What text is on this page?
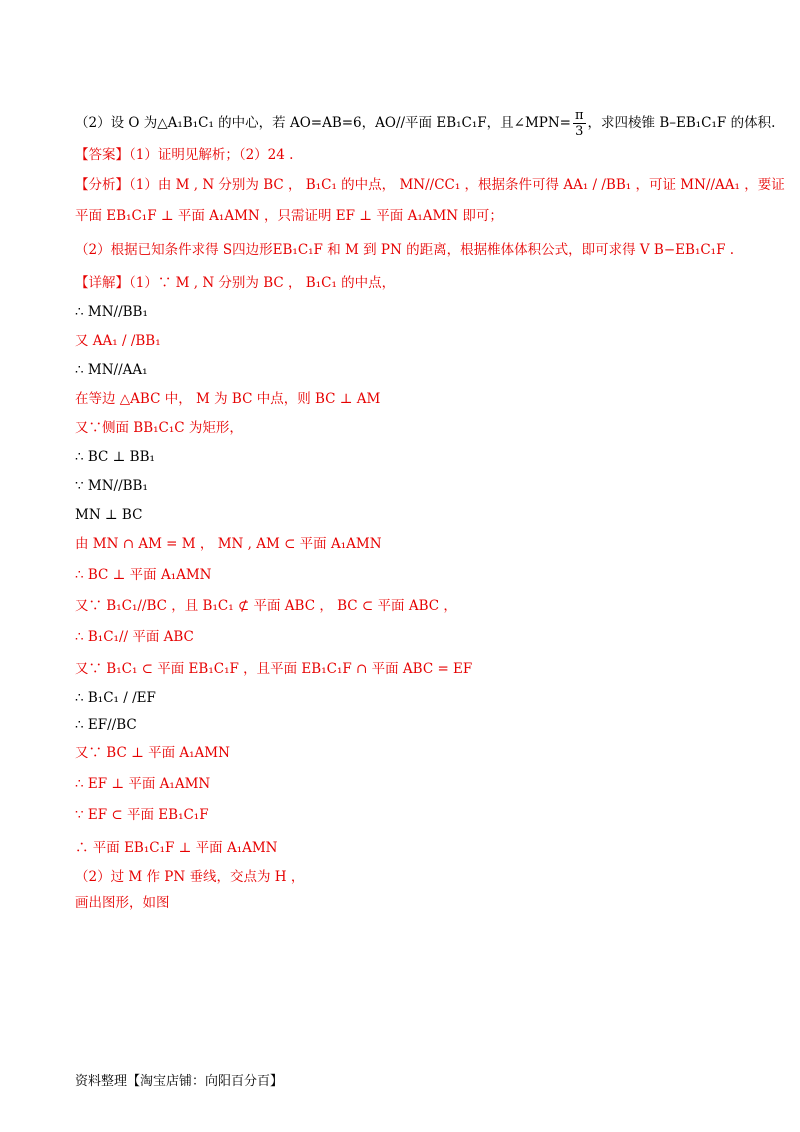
（2）设 O 为△A₁B₁C₁ 的中心，若 AO=AB=6，AO//平面 EB₁C₁F，且∠MPN= $\frac{\pi}{3}$ ，求四棱锥 B–EB₁C₁F 的体积.
【答案】（1）证明见解析；（2）24 .
【分析】（1）由 M , N 分别为 BC ， B₁C₁ 的中点， MN//CC₁ ，根据条件可得 AA₁ / /BB₁ ，可证 MN//AA₁ ，要证
平面 EB₁C₁F ⊥ 平面 A₁AMN ，只需证明 EF ⊥ 平面 A₁AMN 即可；
（2）根据已知条件求得 S四边形EB₁C₁F 和 M 到 PN 的距离，根据椎体体积公式，即可求得 V B−EB₁C₁F .
【详解】（1）∵ M , N 分别为 BC ， B₁C₁ 的中点，
∴ MN//BB₁
又 AA₁ / /BB₁
∴ MN//AA₁
在等边 △ABC 中， M 为 BC 中点，则 BC ⊥ AM
又∵侧面 BB₁C₁C 为矩形，
∴ BC ⊥ BB₁
∵ MN//BB₁
MN ⊥ BC
由 MN ∩ AM = M ， MN , AM ⊂ 平面 A₁AMN
∴ BC ⊥ 平面 A₁AMN
又∵ B₁C₁//BC ，且 B₁C₁ ⊄ 平面 ABC ， BC ⊂ 平面 ABC ，
∴ B₁C₁// 平面 ABC
又∵ B₁C₁ ⊂ 平面 EB₁C₁F ，且平面 EB₁C₁F ∩ 平面 ABC = EF
∴ B₁C₁ / /EF
∴ EF//BC
又∵ BC ⊥ 平面 A₁AMN
∴ EF ⊥ 平面 A₁AMN
∵ EF ⊂ 平面 EB₁C₁F
∴ 平面 EB₁C₁F ⊥ 平面 A₁AMN
（2）过 M 作 PN 垂线，交点为 H ，
画出图形，如图
资料整理【淘宝店铺：向阳百分百】
